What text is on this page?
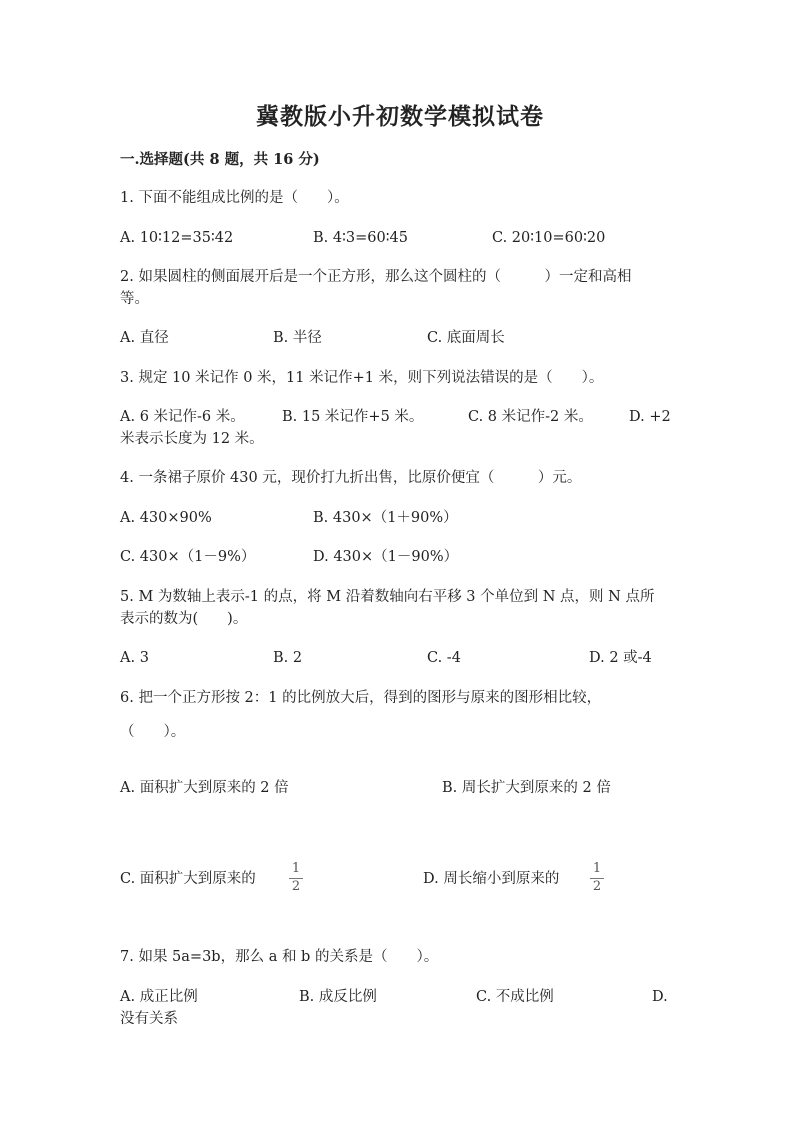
冀教版小升初数学模拟试卷
一.选择题(共 8 题，共 16 分)
1. 下面不能组成比例的是（　　）。
A. 10∶12=35∶42	B. 4∶3=60∶45	C. 20∶10=60∶20
2. 如果圆柱的侧面展开后是一个正方形，那么这个圆柱的（　　　）一定和高相
等。
A. 直径	B. 半径	C. 底面周长
3. 规定 10 米记作 0 米，11 米记作+1 米，则下列说法错误的是（　　）。
A. 6 米记作-6 米。	B. 15 米记作+5 米。	C. 8 米记作-2 米。 D. +2
米表示长度为 12 米。
4. 一条裙子原价 430 元，现价打九折出售，比原价便宜（　　　）元。
A. 430×90%	B. 430×（1＋90%）
C. 430×（1－9%）	D. 430×（1－90%）
5. M 为数轴上表示-1 的点，将 M 沿着数轴向右平移 3 个单位到 N 点，则 N 点所
表示的数为(　　)。
A. 3	B. 2	C. -4	D. 2 或-4
6. 把一个正方形按 2：1 的比例放大后，得到的图形与原来的图形相比较，
（　　）。
A. 面积扩大到原来的 2 倍	B. 周长扩大到原来的 2 倍
C. 面积扩大到原来的
1
2	D. 周长缩小到原来的
1
2
7. 如果 5a=3b，那么 a 和 b 的关系是（　　）。
A. 成正比例	B. 成反比例	C. 不成比例	D.
没有关系
